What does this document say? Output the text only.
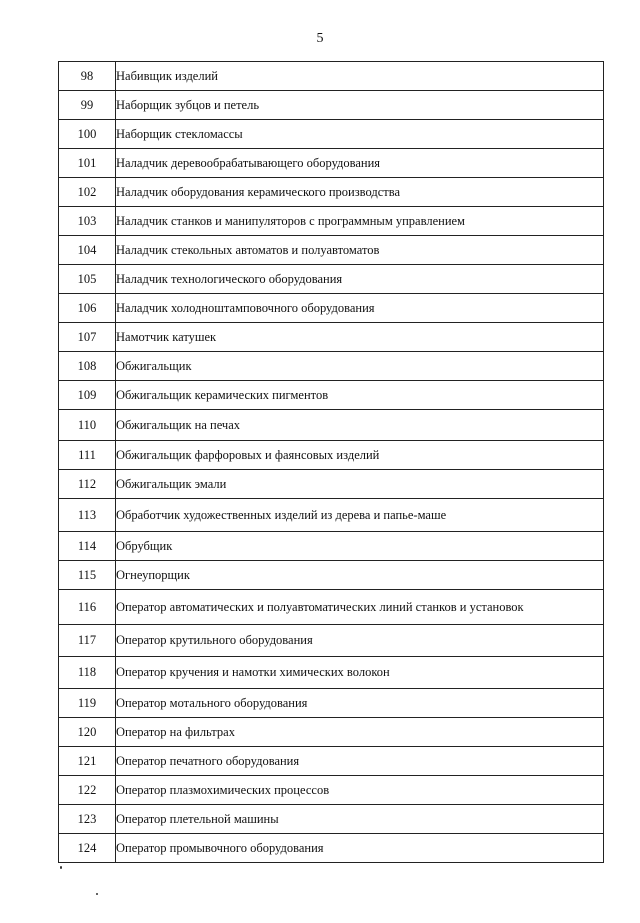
5
98	Набивщик изделий
99	Наборщик зубцов и петель
100	Наборщик стекломассы
101	Наладчик деревообрабатывающего оборудования
102	Наладчик оборудования керамического производства
103	Наладчик станков и манипуляторов с программным управлением
104	Наладчик стекольных автоматов и полуавтоматов
105	Наладчик технологического оборудования
106	Наладчик холодноштамповочного оборудования
107	Намотчик катушек
108	Обжигальщик
109	Обжигальщик керамических пигментов
110	Обжигальщик на печах
111	Обжигальщик фарфоровых и фаянсовых изделий
112	Обжигальщик эмали
113	Обработчик художественных изделий из дерева и папье-маше
114	Обрубщик
115	Огнеупорщик
116	Оператор автоматических и полуавтоматических линий станков и установок
117	Оператор крутильного оборудования
118	Оператор кручения и намотки химических волокон
119	Оператор мотального оборудования
120	Оператор на фильтрах
121	Оператор печатного оборудования
122	Оператор плазмохимических процессов
123	Оператор плетельной машины
124	Оператор промывочного оборудования
